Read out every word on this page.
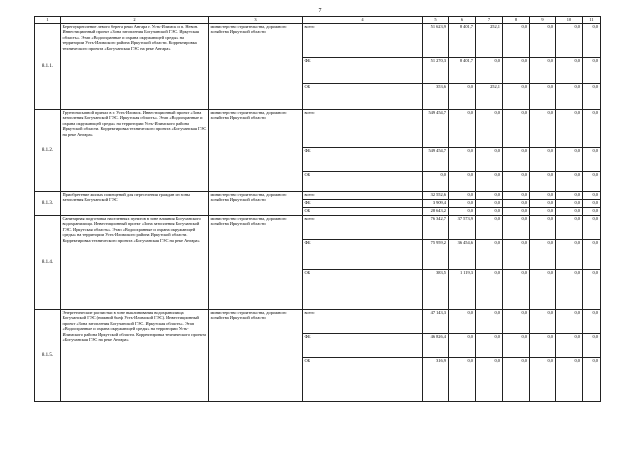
7
1	2	3	4	5	6	7	8	9	10	11
8.1.1.	Берегоукрепление левого берега реки Ангара г. Усть-Илимск и п. Невон. Инвестиционный проект «Зона затопления Богучанской ГЭС. Иркутская область». Этап «Водоохранные и охрана окружающей среды» на территории Усть-Илимского района Иркутской области. Корректировка технического проекта «Богучанская ГЭС на реке Ангара»	министерство строительства, дорожного хозяйства Иркутской области	всего	51 623,9	8 401,7	252,1	0,0	0,0	0,0	0,0
			ФБ	51 270,3	8 401,7	0,0	0,0	0,0	0,0	0,0
			ОБ	353,6	0,0	252,1	0,0	0,0	0,0	0,0
8.1.2.	Грунтонасыпной причал в г. Усть-Илимск. Инвестиционный проект «Зона затопления Богучанской ГЭС. Иркутская область». Этап «Водоохранные и охрана окружающей среды» на территории Усть-Илимского района Иркутской области. Корректировка технического проекта «Богучанская ГЭС на реке Ангара»	министерство строительства, дорожного хозяйства Иркутской области	всего	549 454,7	0,0	0,0	0,0	0,0	0,0	0,0
			ФБ	549 454,7	0,0	0,0	0,0	0,0	0,0	0,0
			ОБ	0,0	0,0	0,0	0,0	0,0	0,0	0,0
8.1.3.	Приобретение жилых помещений для переселения граждан из зоны затопления Богучанской ГЭС	министерство строительства, дорожного хозяйства Иркутской области	всего	32 552,6	0,0	0,0	0,0	0,0	0,0	0,0
			ФБ	3 909,4	0,0	0,0	0,0	0,0	0,0	0,0
			ОБ	28 643,2	0,0	0,0	0,0	0,0	0,0	0,0
8.1.4.	Санитарная подготовка населенных пунктов в зоне влияния Богучанского водохранилища. Инвестиционный проект «Зона затопления Богучанской ГЭС. Иркутская область». Этап «Водоохранные и охрана окружающей среды» на территории Усть-Илимского района Иркутской области. Корректировка технического проекта «Богучанская ГЭС на реке Ангара»	министерство строительства, дорожного хозяйства Иркутской области	всего	76 342,7	37 573,9	0,0	0,0	0,0	0,0	0,0
			ФБ	75 959,2	36 454,6	0,0	0,0	0,0	0,0	0,0
			ОБ	383,5	1 119,3	0,0	0,0	0,0	0,0	0,0
8.1.5.	Энергетические расчистки в зоне выклинивания водохранилища Богучанской ГЭС (нижний бьеф Усть-Илимской ГЭС). Инвестиционный проект «Зона затопления Богучанской ГЭС. Иркутская область». Этап «Водоохранные и охрана окружающей среды» на территории Усть-Илимского района Иркутской области. Корректировка технического проекта «Богучанская ГЭС на реке Ангара»	министерство строительства, дорожного хозяйства Иркутской области	всего	47 143,3	0,0	0,0	0,0	0,0	0,0	0,0
			ФБ	46 826,4	0,0	0,0	0,0	0,0	0,0	0,0
			ОБ	316,9	0,0	0,0	0,0	0,0	0,0	0,0
